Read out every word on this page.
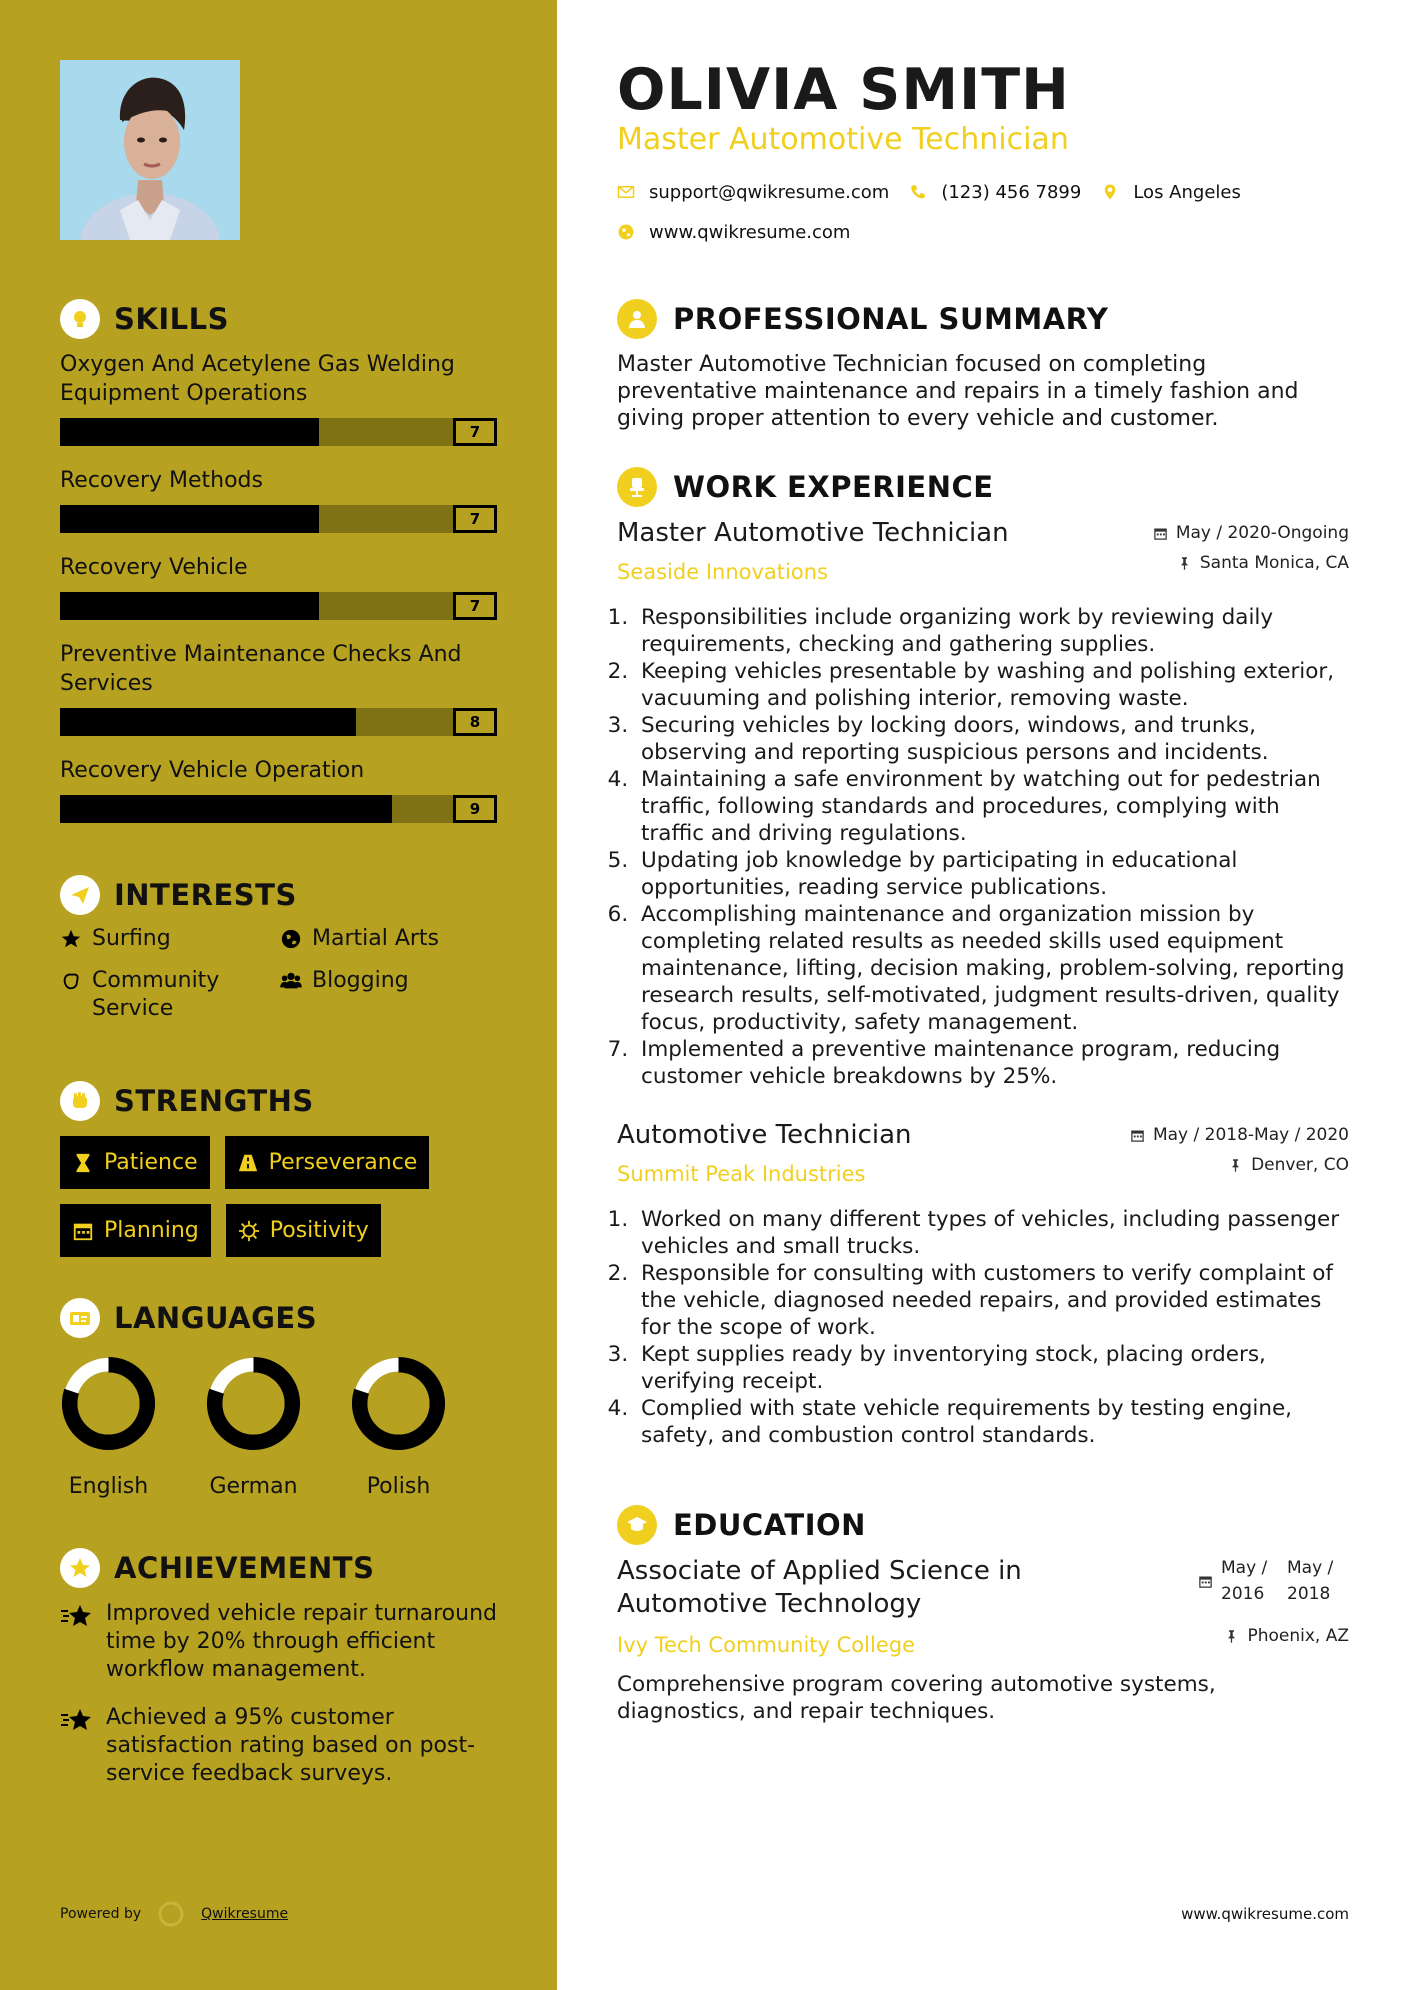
SKILLS
Oxygen And Acetylene Gas Welding Equipment Operations
7
Recovery Methods
7
Recovery Vehicle
7
Preventive Maintenance Checks And Services
8
Recovery Vehicle Operation
9
INTERESTS
Surfing	Martial Arts
Community Service
Blogging
STRENGTHS
Patience	Perseverance
Planning	Positivity
LANGUAGES
English	German	Polish
ACHIEVEMENTS
Improved vehicle repair turnaround time by 20% through efficient workflow management.
Achieved a 95% customer satisfaction rating based on post-service feedback surveys.
Powered by	Qwikresume
OLIVIA SMITH
Master Automotive Technician
support@qwikresume.com	(123) 456 7899	Los Angeles
www.qwikresume.com
PROFESSIONAL SUMMARY
Master Automotive Technician focused on completing preventative maintenance and repairs in a timely fashion and giving proper attention to every vehicle and customer.
WORK EXPERIENCE
Master Automotive Technician
Seaside Innovations
May / 2020-Ongoing
Santa Monica, CA
1. Responsibilities include organizing work by reviewing daily requirements, checking and gathering supplies.
2. Keeping vehicles presentable by washing and polishing exterior, vacuuming and polishing interior, removing waste.
3. Securing vehicles by locking doors, windows, and trunks, observing and reporting suspicious persons and incidents.
4. Maintaining a safe environment by watching out for pedestrian traffic, following standards and procedures, complying with traffic and driving regulations.
5. Updating job knowledge by participating in educational opportunities, reading service publications.
6. Accomplishing maintenance and organization mission by completing related results as needed skills used equipment maintenance, lifting, decision making, problem-solving, reporting research results, self-motivated, judgment results-driven, quality focus, productivity, safety management.
7. Implemented a preventive maintenance program, reducing customer vehicle breakdowns by 25%.
Automotive Technician
Summit Peak Industries
May / 2018-May / 2020
Denver, CO
1. Worked on many different types of vehicles, including passenger vehicles and small trucks.
2. Responsible for consulting with customers to verify complaint of the vehicle, diagnosed needed repairs, and provided estimates for the scope of work.
3. Kept supplies ready by inventorying stock, placing orders, verifying receipt.
4. Complied with state vehicle requirements by testing engine, safety, and combustion control standards.
EDUCATION
Associate of Applied Science in Automotive Technology
Ivy Tech Community College
May / 2016
May / 2018
Phoenix, AZ
Comprehensive program covering automotive systems, diagnostics, and repair techniques.
www.qwikresume.com
